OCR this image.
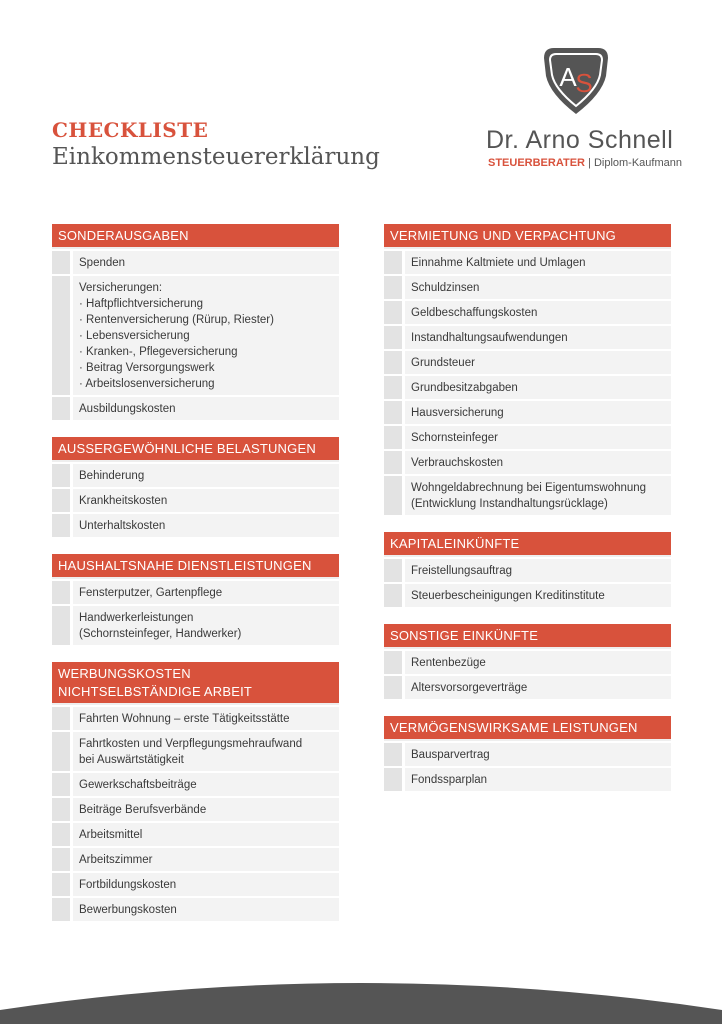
CHECKLISTE
Einkommensteuererklärung
A
S
Dr. Arno Schnell
STEUERBERATER | Diplom-Kaufmann
SONDERAUSGABEN
Spenden
Versicherungen:
· Haftpflichtversicherung
· Rentenversicherung (Rürup, Riester)
· Lebensversicherung
· Kranken-, Pflegeversicherung
· Beitrag Versorgungswerk
· Arbeitslosenversicherung
Ausbildungskosten
AUSSERGEWÖHNLICHE BELASTUNGEN
Behinderung
Krankheitskosten
Unterhaltskosten
HAUSHALTSNAHE DIENSTLEISTUNGEN
Fensterputzer, Gartenpflege
Handwerkerleistungen
(Schornsteinfeger, Handwerker)
WERBUNGSKOSTEN
NICHTSELBSTÄNDIGE ARBEIT
Fahrten Wohnung – erste Tätigkeitsstätte
Fahrtkosten und Verpflegungsmehraufwand
bei Auswärtstätigkeit
Gewerkschaftsbeiträge
Beiträge Berufsverbände
Arbeitsmittel
Arbeitszimmer
Fortbildungskosten
Bewerbungskosten
VERMIETUNG UND VERPACHTUNG
Einnahme Kaltmiete und Umlagen
Schuldzinsen
Geldbeschaffungskosten
Instandhaltungsaufwendungen
Grundsteuer
Grundbesitzabgaben
Hausversicherung
Schornsteinfeger
Verbrauchskosten
Wohngeldabrechnung bei Eigentumswohnung
(Entwicklung Instandhaltungsrücklage)
KAPITALEINKÜNFTE
Freistellungsauftrag
Steuerbescheinigungen Kreditinstitute
SONSTIGE EINKÜNFTE
Rentenbezüge
Altersvorsorgeverträge
VERMÖGENSWIRKSAME LEISTUNGEN
Bausparvertrag
Fondssparplan
